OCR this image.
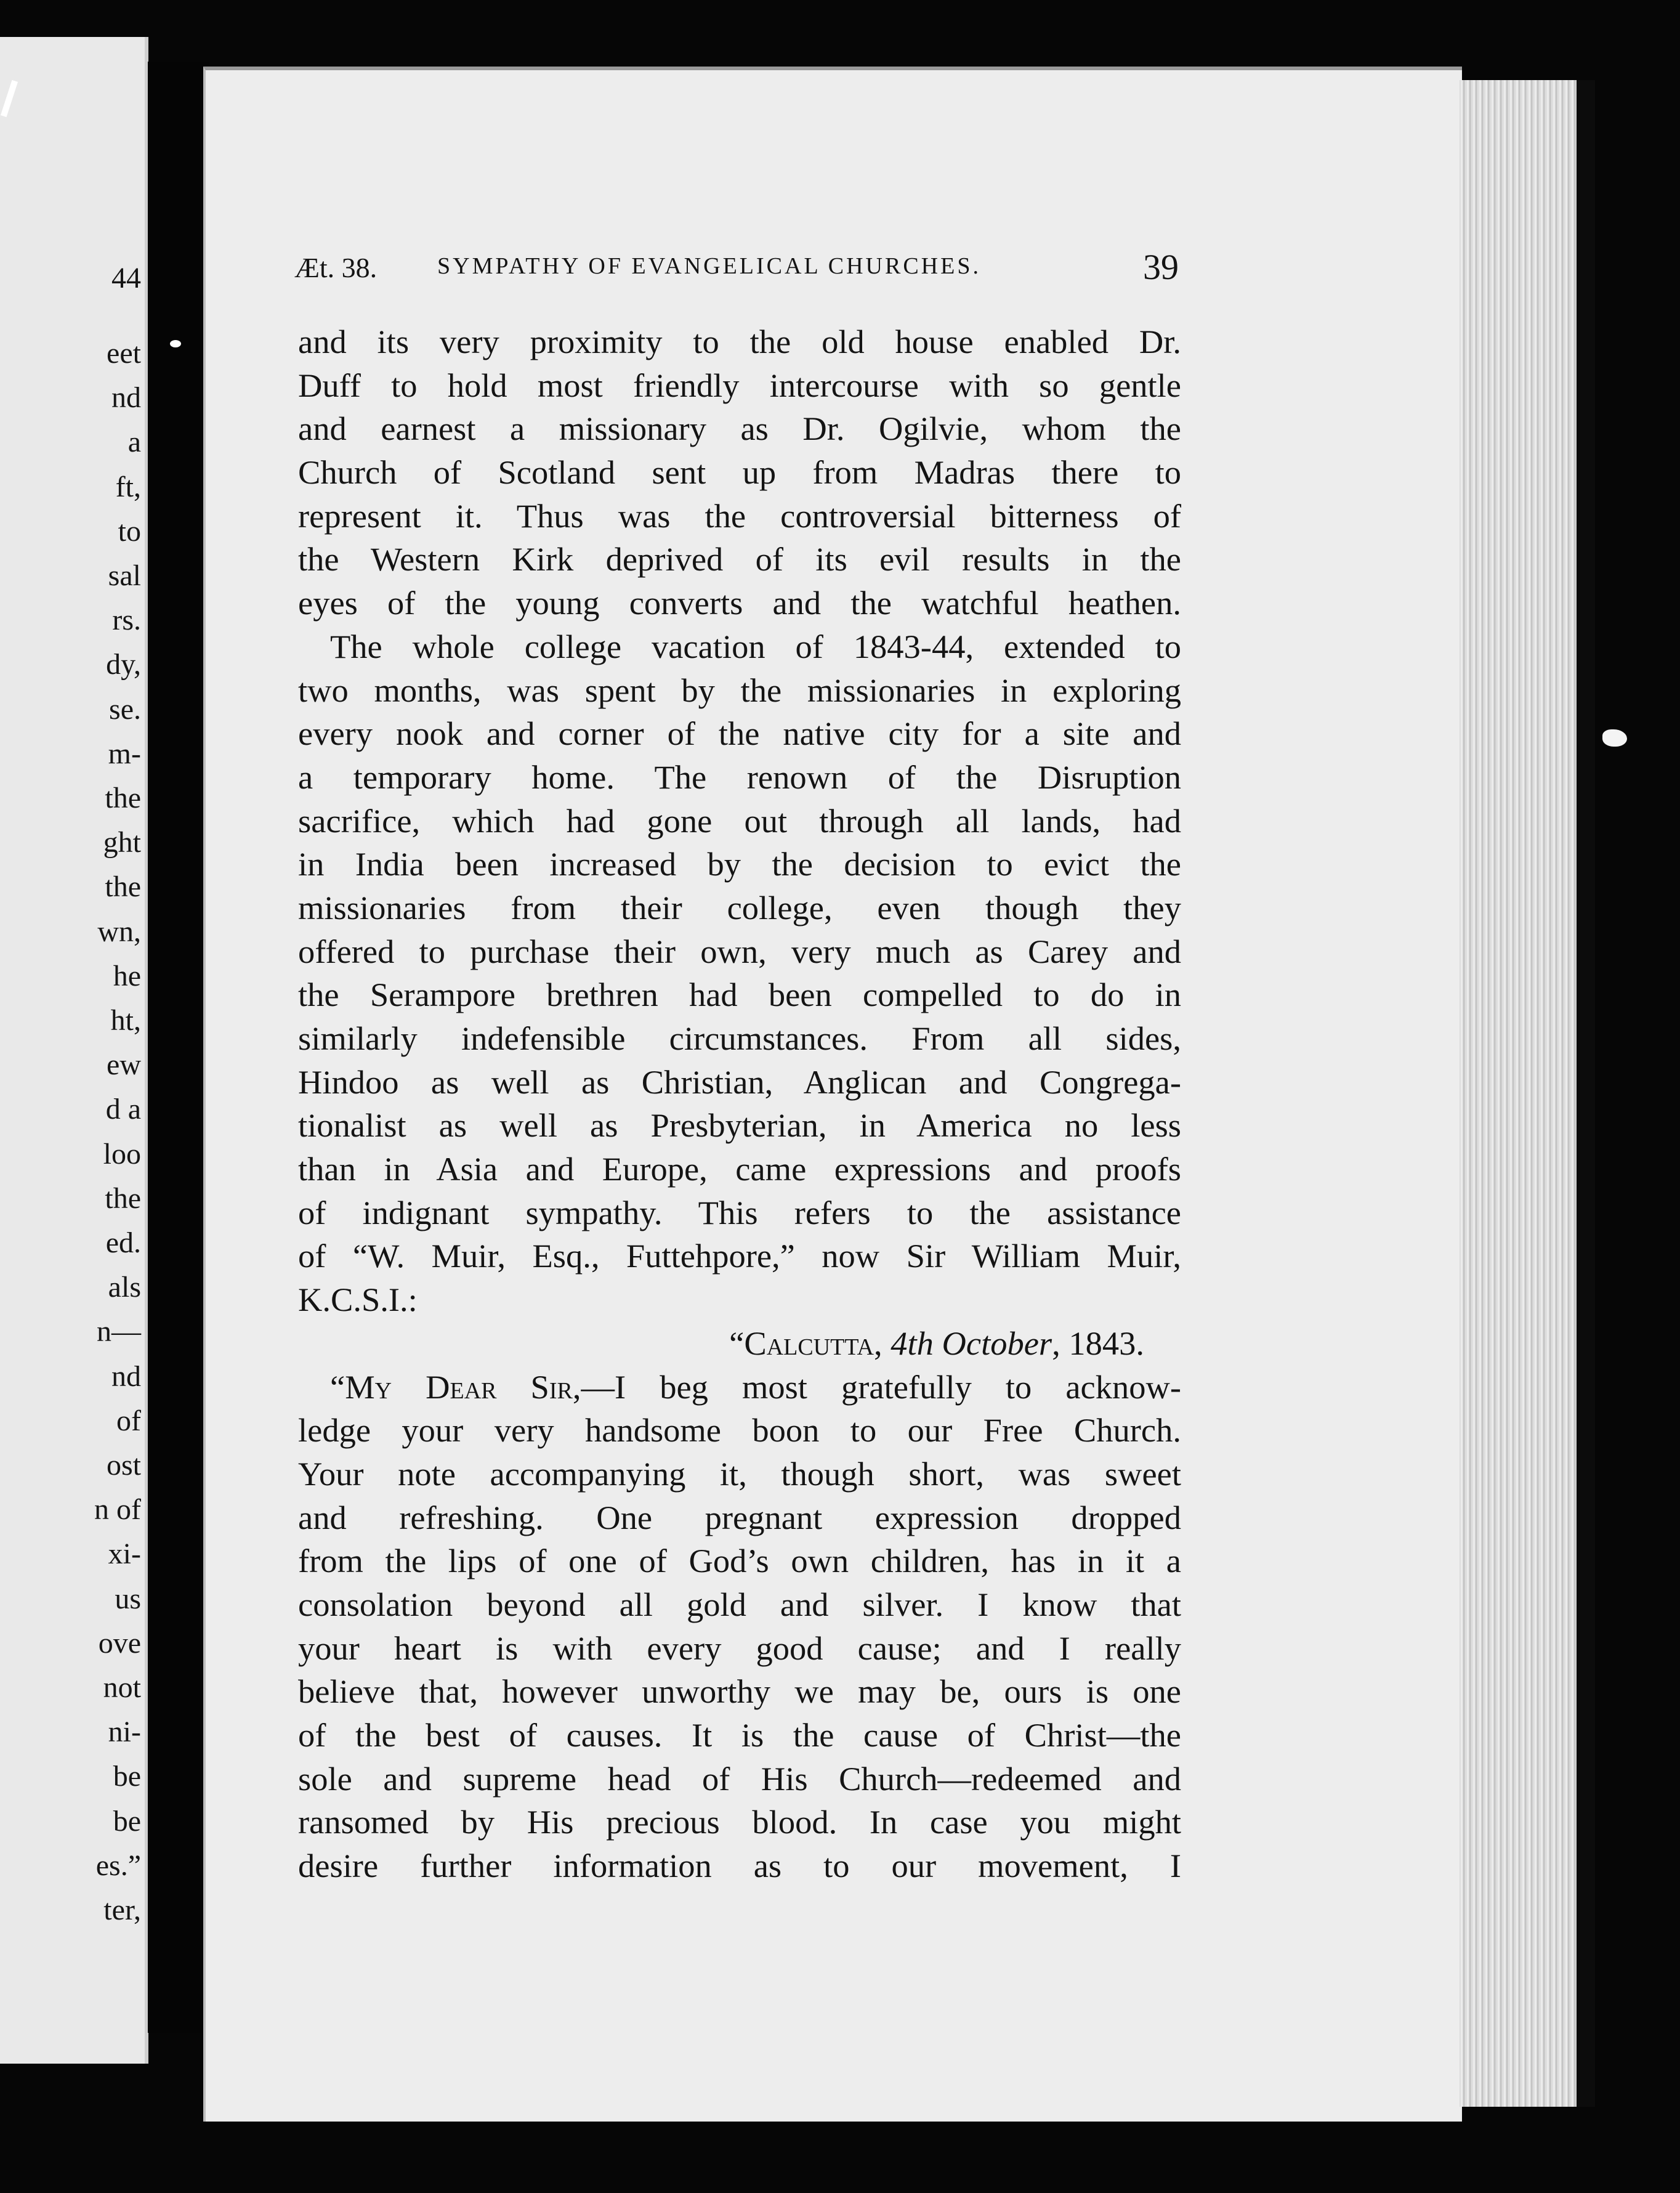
44
eet
nd
a
ft,
to
sal
rs.
dy,
se.
m-
the
ght
the
wn,
he
ht,
ew
d a
loo
the
ed.
als
n—
nd
of
ost
n of
xi-
us
ove
not
ni-
be
be
es.”
ter,
Æt. 38.	SYMPATHY OF EVANGELICAL CHURCHES.	39
and its very proximity to the old house enabled Dr.
Duff to hold most friendly intercourse with so gentle
and earnest a missionary as Dr. Ogilvie, whom the
Church of Scotland sent up from Madras there to
represent it. Thus was the controversial bitterness of
the Western Kirk deprived of its evil results in the
eyes of the young converts and the watchful heathen.
The whole college vacation of 1843-44, extended to
two months, was spent by the missionaries in exploring
every nook and corner of the native city for a site and
a temporary home. The renown of the Disruption
sacrifice, which had gone out through all lands, had
in India been increased by the decision to evict the
missionaries from their college, even though they
offered to purchase their own, very much as Carey and
the Serampore brethren had been compelled to do in
similarly indefensible circumstances. From all sides,
Hindoo as well as Christian, Anglican and Congrega-
tionalist as well as Presbyterian, in America no less
than in Asia and Europe, came expressions and proofs
of indignant sympathy. This refers to the assistance
of “W. Muir, Esq., Futtehpore,” now Sir William Muir,
K.C.S.I.:
“Calcutta, 4th October, 1843.
“My Dear Sir,—I beg most gratefully to acknow-
ledge your very handsome boon to our Free Church.
Your note accompanying it, though short, was sweet
and refreshing. One pregnant expression dropped
from the lips of one of God’s own children, has in it a
consolation beyond all gold and silver. I know that
your heart is with every good cause; and I really
believe that, however unworthy we may be, ours is one
of the best of causes. It is the cause of Christ—the
sole and supreme head of His Church—redeemed and
ransomed by His precious blood. In case you might
desire further information as to our movement, I
